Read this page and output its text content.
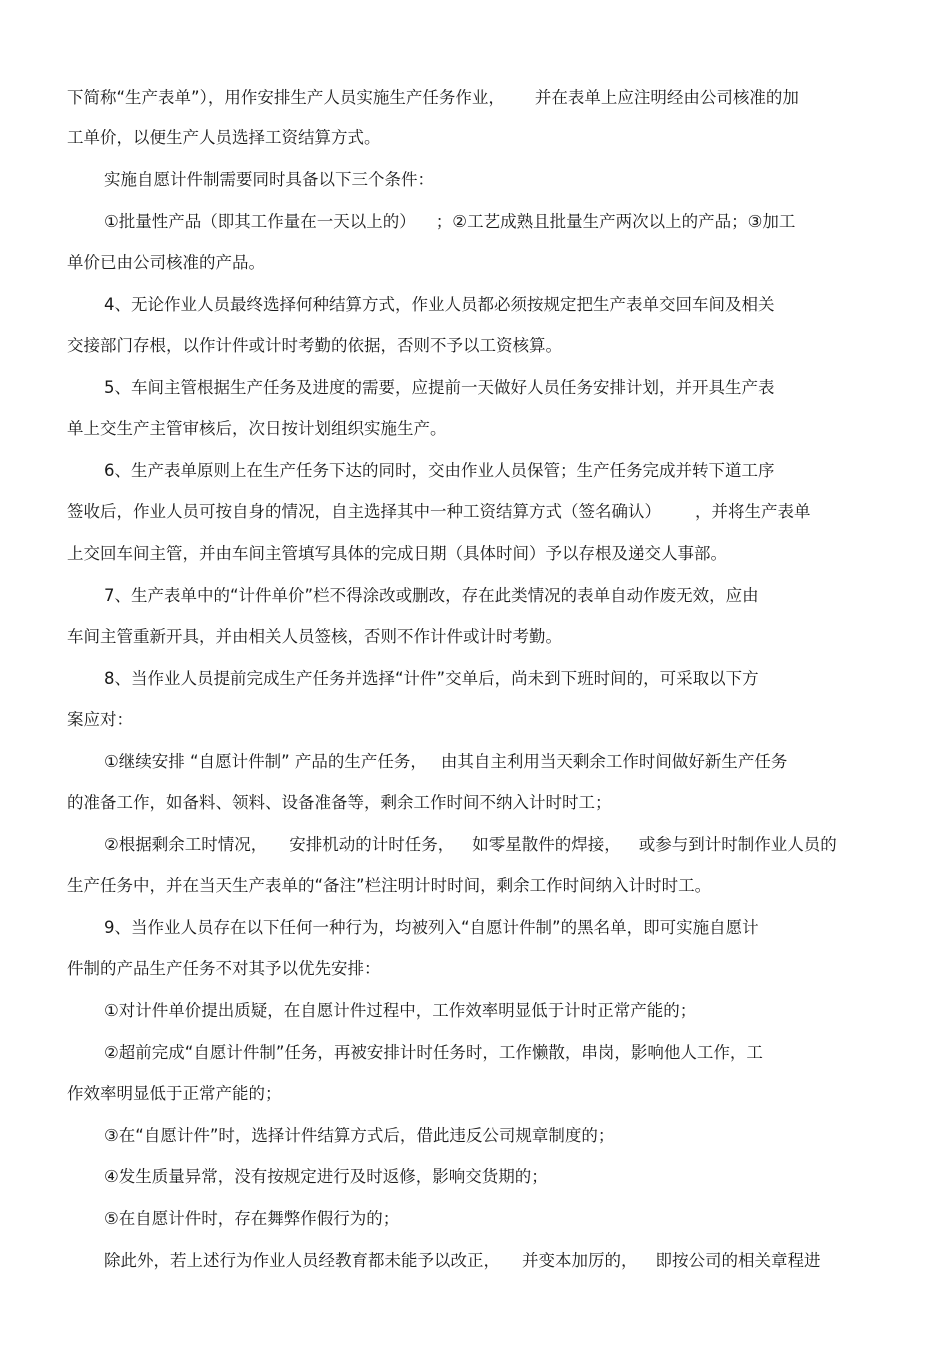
下简称“生产表单”），用作安排生产人员实施生产任务作业， 并在表单上应注明经由公司核准的加

工单价，以便生产人员选择工资结算方式。

实施自愿计件制需要同时具备以下三个条件：

①批量性产品（即其工作量在一天以上的） ；②工艺成熟且批量生产两次以上的产品；③加工

单价已由公司核准的产品。

4、无论作业人员最终选择何种结算方式，作业人员都必须按规定把生产表单交回车间及相关

交接部门存根，以作计件或计时考勤的依据，否则不予以工资核算。

5、车间主管根据生产任务及进度的需要，应提前一天做好人员任务安排计划，并开具生产表

单上交生产主管审核后，次日按计划组织实施生产。

6、生产表单原则上在生产任务下达的同时，交由作业人员保管；生产任务完成并转下道工序

签收后，作业人员可按自身的情况，自主选择其中一种工资结算方式（签名确认） ，并将生产表单

上交回车间主管，并由车间主管填写具体的完成日期（具体时间）予以存根及递交人事部。

7、生产表单中的“计件单价”栏不得涂改或删改，存在此类情况的表单自动作废无效，应由

车间主管重新开具，并由相关人员签核，否则不作计件或计时考勤。

8、当作业人员提前完成生产任务并选择“计件”交单后，尚未到下班时间的，可采取以下方

案应对：

①继续安排 “自愿计件制” 产品的生产任务， 由其自主利用当天剩余工作时间做好新生产任务

的准备工作，如备料、领料、设备准备等，剩余工作时间不纳入计时时工；

②根据剩余工时情况， 安排机动的计时任务， 如零星散件的焊接， 或参与到计时制作业人员的

生产任务中，并在当天生产表单的“备注”栏注明计时时间，剩余工作时间纳入计时时工。

9、当作业人员存在以下任何一种行为，均被列入“自愿计件制”的黑名单，即可实施自愿计

件制的产品生产任务不对其予以优先安排：

①对计件单价提出质疑，在自愿计件过程中，工作效率明显低于计时正常产能的；

②超前完成“自愿计件制”任务，再被安排计时任务时，工作懒散，串岗，影响他人工作，工

作效率明显低于正常产能的；

③在“自愿计件”时，选择计件结算方式后，借此违反公司规章制度的；

④发生质量异常，没有按规定进行及时返修，影响交货期的；

⑤在自愿计件时，存在舞弊作假行为的；

除此外，若上述行为作业人员经教育都未能予以改正， 并变本加厉的， 即按公司的相关章程进
